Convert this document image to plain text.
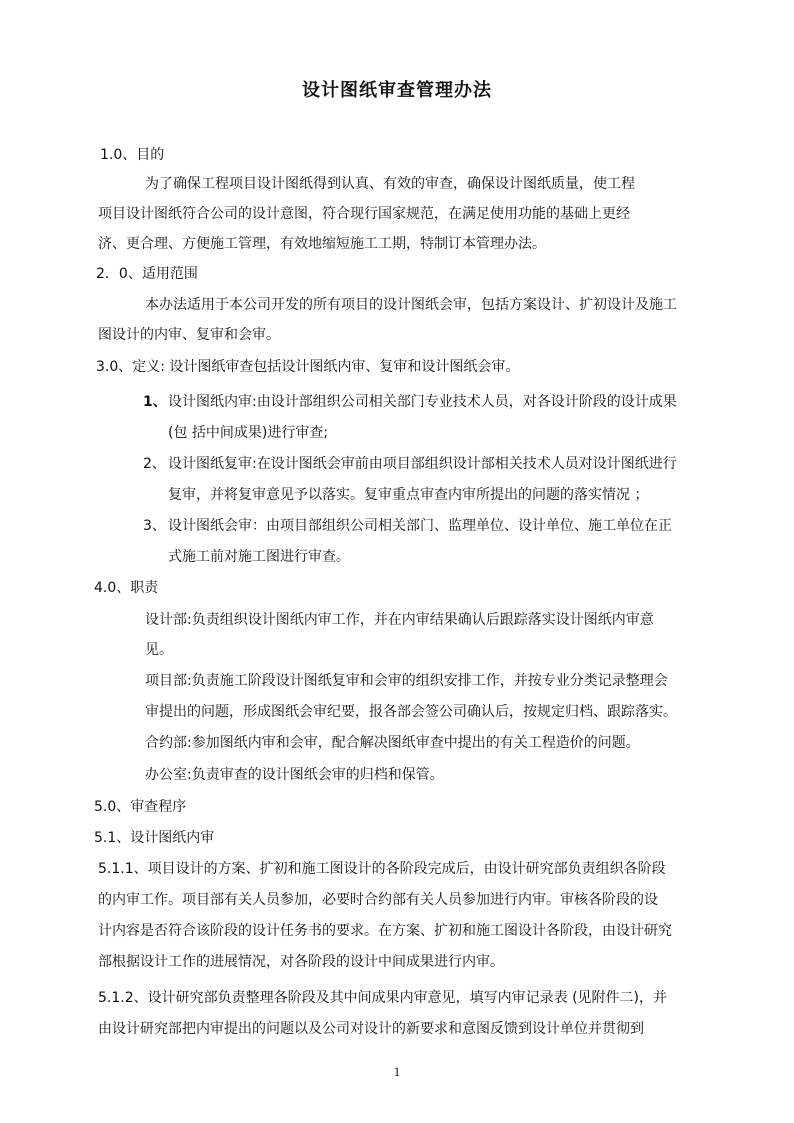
设计图纸审查管理办法
1.0、目的
为了确保工程项目设计图纸得到认真、有效的审查，确保设计图纸质量，使工程
项目设计图纸符合公司的设计意图，符合现行国家规范，在满足使用功能的基础上更经
济、更合理、方便施工管理，有效地缩短施工工期，特制订本管理办法。
2．0、适用范围
本办法适用于本公司开发的所有项目的设计图纸会审，包括方案设计、扩初设计及施工
图设计的内审、复审和会审。
3.0、定义: 设计图纸审查包括设计图纸内审、复审和设计图纸会审。
1、 设计图纸内审:由设计部组织公司相关部门专业技术人员，对各设计阶段的设计成果
(包 括中间成果)进行审查;
2、 设计图纸复审:在设计图纸会审前由项目部组织设计部相关技术人员对设计图纸进行
复审，并将复审意见予以落实。复审重点审查内审所提出的问题的落实情况 ；
3、 设计图纸会审：由项目部组织公司相关部门、监理单位、设计单位、施工单位在正
式施工前对施工图进行审查。
4.0、职责
设计部:负责组织设计图纸内审工作，并在内审结果确认后跟踪落实设计图纸内审意
见。
项目部:负责施工阶段设计图纸复审和会审的组织安排工作，并按专业分类记录整理会
审提出的问题，形成图纸会审纪要，报各部会签公司确认后，按规定归档、跟踪落实。
合约部:参加图纸内审和会审，配合解决图纸审查中提出的有关工程造价的问题。
办公室:负责审查的设计图纸会审的归档和保管。
5.0、审查程序
5.1、设计图纸内审
5.1.1、项目设计的方案、扩初和施工图设计的各阶段完成后，由设计研究部负责组织各阶段
的内审工作。项目部有关人员参加，必要时合约部有关人员参加进行内审。审核各阶段的设
计内容是否符合该阶段的设计任务书的要求。在方案、扩初和施工图设计各阶段，由设计研究
部根据设计工作的进展情况，对各阶段的设计中间成果进行内审。
5.1.2、设计研究部负责整理各阶段及其中间成果内审意见，填写内审记录表 (见附件二)，并
由设计研究部把内审提出的问题以及公司对设计的新要求和意图反馈到设计单位并贯彻到
1
